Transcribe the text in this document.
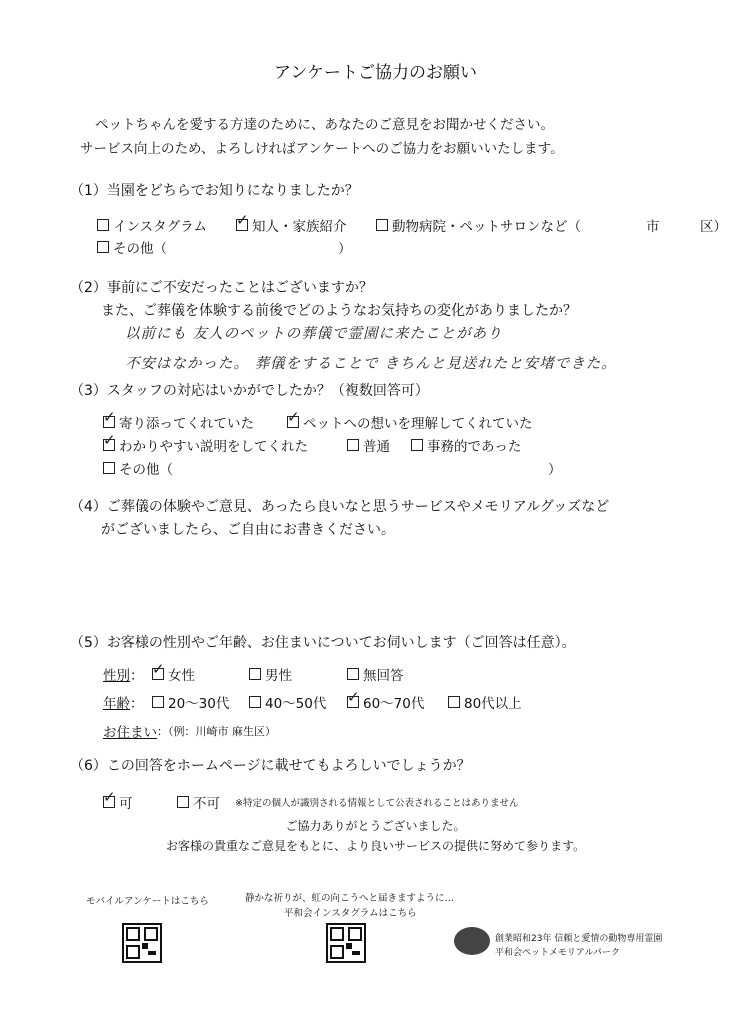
アンケートご協力のお願い
ペットちゃんを愛する方達のために、あなたのご意見をお聞かせください。
サービス向上のため、よろしければアンケートへのご協力をお願いいたします。
（1）当園をどちらでお知りになりましたか？
インスタグラム ✓	知人・家族紹介	動物病院・ペットサロンなど（	市	区）
その他（	）
（2）事前にご不安だったことはございますか？
また、ご葬儀を体験する前後でどのようなお気持ちの変化がありましたか？
以前にも 友人のペットの葬儀で霊園に来たことがあり
不安はなかった。 葬儀をすることで きちんと見送れたと安堵できた。
（3）スタッフの対応はいかがでしたか？（複数回答可）
✓
寄り添ってくれていた ✓	ペットへの想いを理解してくれていた
✓
わかりやすい説明をしてくれた	普通	事務的であった
その他（	）
（4）ご葬儀の体験やご意見、あったら良いなと思うサービスやメモリアルグッズなど
がございましたら、ご自由にお書きください。
（5）お客様の性別やご年齢、お住まいについてお伺いします（ご回答は任意）。
性別 ： ✓ 女性	男性	無回答
年齢 ： 20～30代	40～50代 ✓	60～70代	80代以上
お住まい ：（例：川崎市 麻生区）
（6）この回答をホームページに載せてもよろしいでしょうか？
✓
可	不可 ※特定の個人が識別される情報として公表されることはありません
ご協力ありがとうございました。
お客様の貴重なご意見をもとに、より良いサービスの提供に努めて参ります。
モバイルアンケートはこちら	静かな祈りが、虹の向こうへと届きますように…
平和会インスタグラムはこちら
創業昭和23年 信頼と愛情の動物専用霊園
平和会ペットメモリアルパーク
